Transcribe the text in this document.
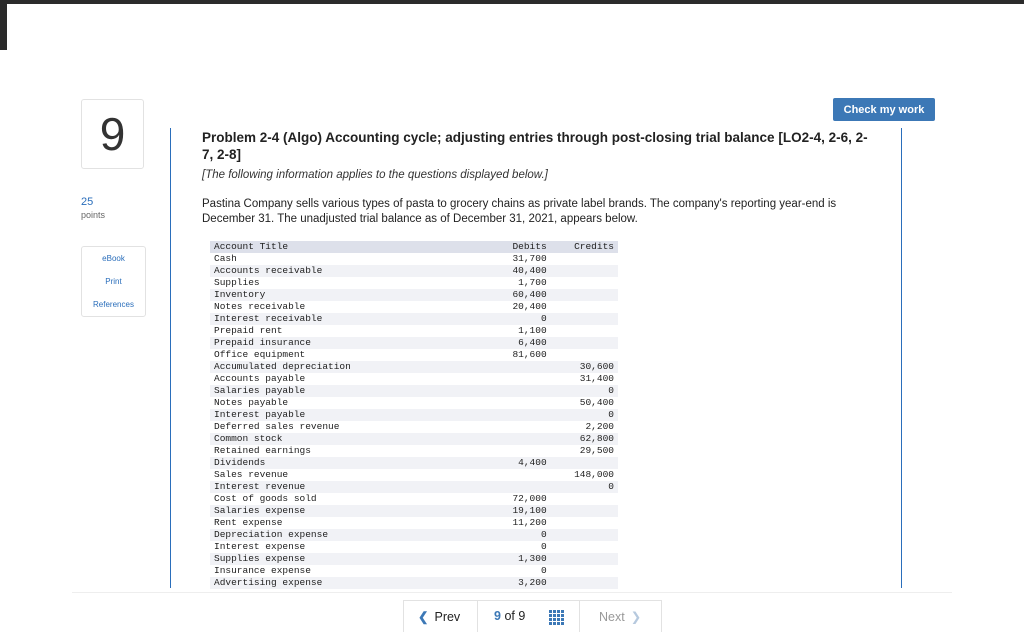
9
25
points
eBook
Print
References
Check my work
Problem 2-4 (Algo) Accounting cycle; adjusting entries through post-closing trial balance [LO2-4, 2-6, 2-7, 2-8]
[The following information applies to the questions displayed below.]
Pastina Company sells various types of pasta to grocery chains as private label brands. The company's reporting year-end is December 31. The unadjusted trial balance as of December 31, 2021, appears below.
Account Title	Debits	Credits
Cash	31,700	
Accounts receivable	40,400	
Supplies	1,700	
Inventory	60,400	
Notes receivable	20,400	
Interest receivable	0	
Prepaid rent	1,100	
Prepaid insurance	6,400	
Office equipment	81,600	
Accumulated depreciation		30,600
Accounts payable		31,400
Salaries payable		0
Notes payable		50,400
Interest payable		0
Deferred sales revenue		2,200
Common stock		62,800
Retained earnings		29,500
Dividends	4,400	
Sales revenue		148,000
Interest revenue		0
Cost of goods sold	72,000	
Salaries expense	19,100	
Rent expense	11,200	
Depreciation expense	0	
Interest expense	0	
Supplies expense	1,300	
Insurance expense	0	
Advertising expense	3,200	
❮ Prev	9 of 9	Next ❯
